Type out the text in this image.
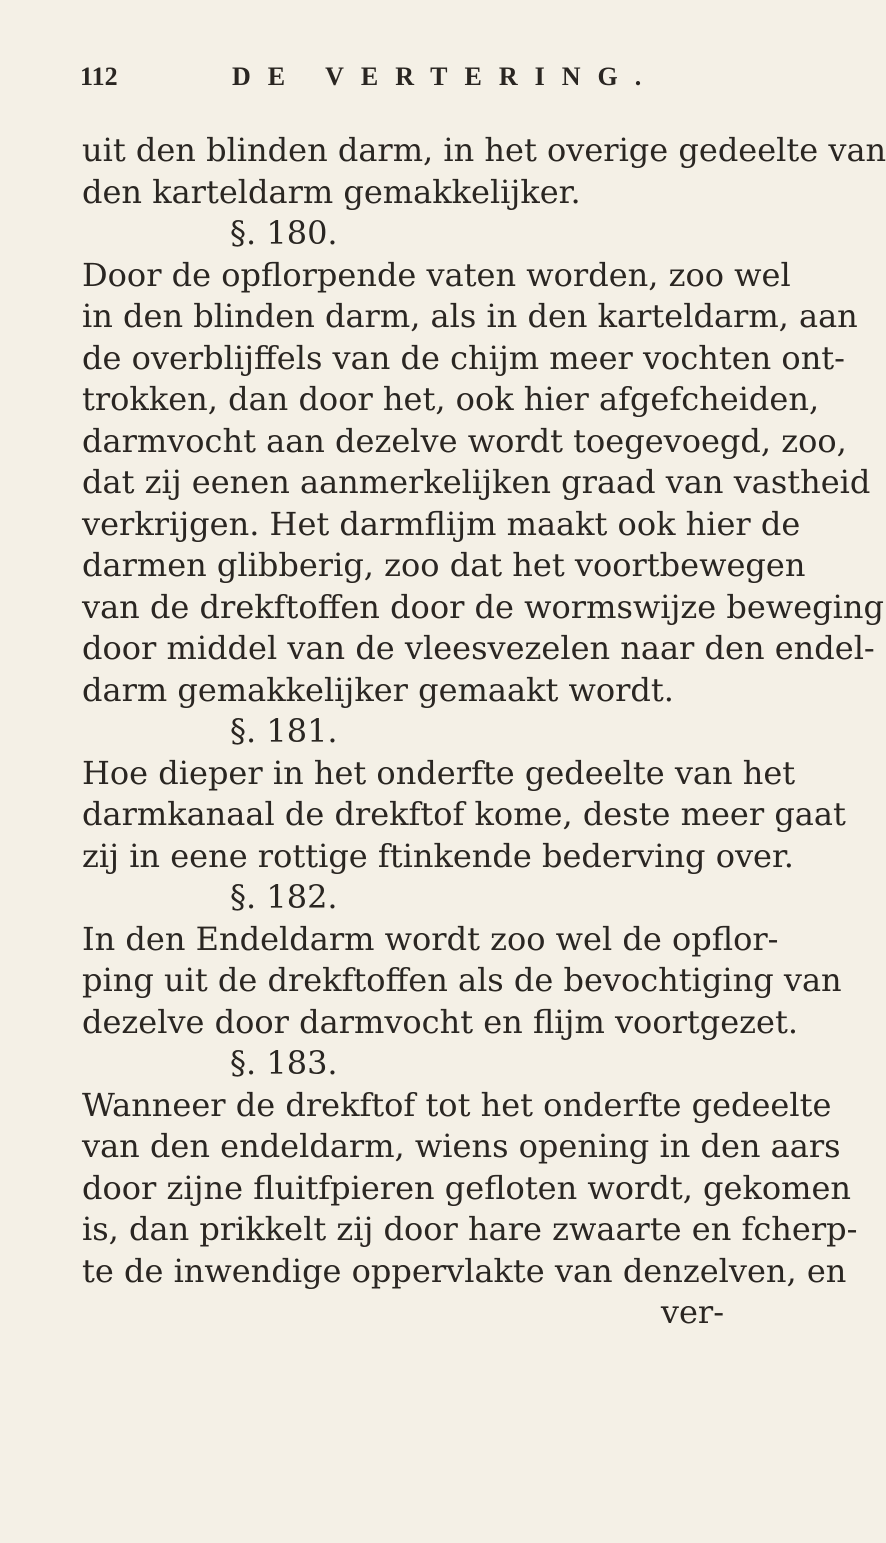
112	DE VERTERING.
uit den blinden darm, in het overige gedeelte van
den karteldarm gemakkelijker.
§. 180.
Door de opflorpende vaten worden, zoo wel
in den blinden darm, als in den karteldarm, aan
de overblijffels van de chijm meer vochten ont-
trokken, dan door het, ook hier afgefcheiden,
darmvocht aan dezelve wordt toegevoegd, zoo,
dat zij eenen aanmerkelijken graad van vastheid
verkrijgen. Het darmflijm maakt ook hier de
darmen glibberig, zoo dat het voortbewegen
van de drekftoffen door de wormswijze beweging
door middel van de vleesvezelen naar den endel-
darm gemakkelijker gemaakt wordt.
§. 181.
Hoe dieper in het onderfte gedeelte van het
darmkanaal de drekftof kome, deste meer gaat
zij in eene rottige ftinkende bederving over.
§. 182.
In den Endeldarm wordt zoo wel de opflor-
ping uit de drekftoffen als de bevochtiging van
dezelve door darmvocht en flijm voortgezet.
§. 183.
Wanneer de drekftof tot het onderfte gedeelte
van den endeldarm, wiens opening in den aars
door zijne fluitfpieren gefloten wordt, gekomen
is, dan prikkelt zij door hare zwaarte en fcherp-
te de inwendige oppervlakte van denzelven, en
ver-
